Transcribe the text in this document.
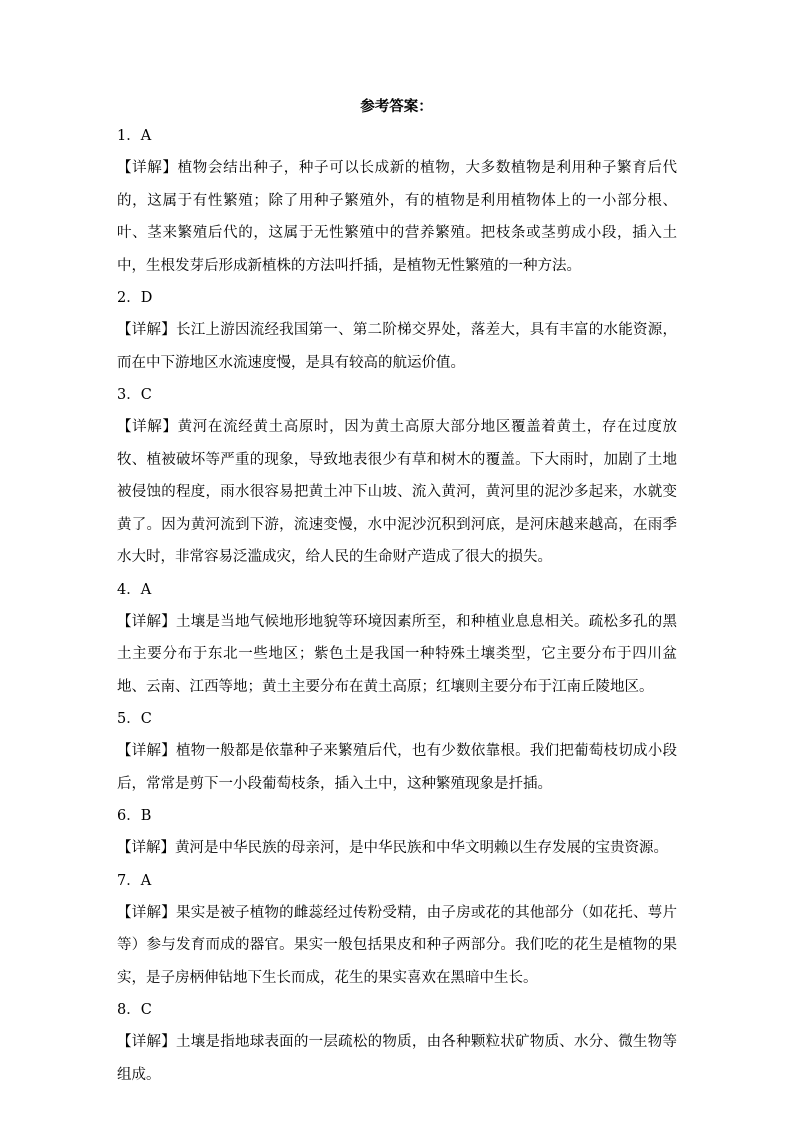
参考答案：
1．A

【详解】植物会结出种子，种子可以长成新的植物，大多数植物是利用种子繁育后代的，这属于有性繁殖；除了用种子繁殖外，有的植物是利用植物体上的一小部分根、叶、茎来繁殖后代的，这属于无性繁殖中的营养繁殖。把枝条或茎剪成小段，插入土中，生根发芽后形成新植株的方法叫扦插，是植物无性繁殖的一种方法。

2．D

【详解】长江上游因流经我国第一、第二阶梯交界处，落差大，具有丰富的水能资源，而在中下游地区水流速度慢，是具有较高的航运价值。

3．C

【详解】黄河在流经黄土高原时，因为黄土高原大部分地区覆盖着黄土，存在过度放牧、植被破坏等严重的现象，导致地表很少有草和树木的覆盖。下大雨时，加剧了土地被侵蚀的程度，雨水很容易把黄土冲下山坡、流入黄河，黄河里的泥沙多起来，水就变黄了。因为黄河流到下游，流速变慢，水中泥沙沉积到河底，是河床越来越高，在雨季水大时，非常容易泛滥成灾，给人民的生命财产造成了很大的损失。

4．A

【详解】土壤是当地气候地形地貌等环境因素所至，和种植业息息相关。疏松多孔的黑土主要分布于东北一些地区；紫色土是我国一种特殊土壤类型，它主要分布于四川盆地、云南、江西等地；黄土主要分布在黄土高原；红壤则主要分布于江南丘陵地区。

5．C

【详解】植物一般都是依靠种子来繁殖后代，也有少数依靠根。我们把葡萄枝切成小段后，常常是剪下一小段葡萄枝条，插入土中，这种繁殖现象是扦插。

6．B

【详解】黄河是中华民族的母亲河，是中华民族和中华文明赖以生存发展的宝贵资源。

7．A

【详解】果实是被子植物的雌蕊经过传粉受精，由子房或花的其他部分（如花托、萼片等）参与发育而成的器官。果实一般包括果皮和种子两部分。我们吃的花生是植物的果实，是子房柄伸钻地下生长而成，花生的果实喜欢在黑暗中生长。

8．C

【详解】土壤是指地球表面的一层疏松的物质，由各种颗粒状矿物质、水分、微生物等组成。
